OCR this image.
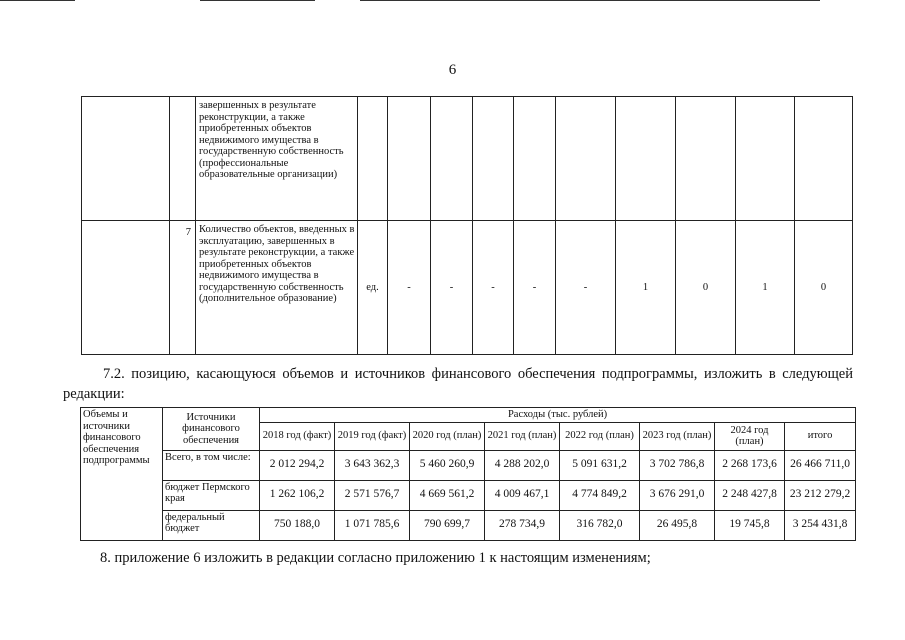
6
		завершенных в результате реконструкции, а также приобретенных объектов недвижимого имущества в государственную собственность (профессиональные образовательные организации)										
	7	Количество объектов, введенных в эксплуатацию, завершенных в результате реконструкции, а также приобретенных объектов недвижимого имущества в государственную собственность (дополнительное образование)	ед.	-	-	-	-	-	1	0	1	0
7.2. позицию, касающуюся объемов и источников финансового обеспечения подпрограммы, изложить в следующей редакции:
Объемы и источники финансового обеспечения подпрограммы	Источники финансового обеспечения	Расходы (тыс. рублей)							
		2018 год (факт)	2019 год (факт)	2020 год (план)	2021 год (план)	2022 год (план)	2023 год (план)	2024 год (план)	итого
	Всего, в том числе:	2 012 294,2	3 643 362,3	5 460 260,9	4 288 202,0	5 091 631,2	3 702 786,8	2 268 173,6	26 466 711,0
	бюджет Пермского края	1 262 106,2	2 571 576,7	4 669 561,2	4 009 467,1	4 774 849,2	3 676 291,0	2 248 427,8	23 212 279,2
	федеральный бюджет	750 188,0	1 071 785,6	790 699,7	278 734,9	316 782,0	26 495,8	19 745,8	3 254 431,8
8. приложение 6 изложить в редакции согласно приложению 1 к настоящим изменениям;
